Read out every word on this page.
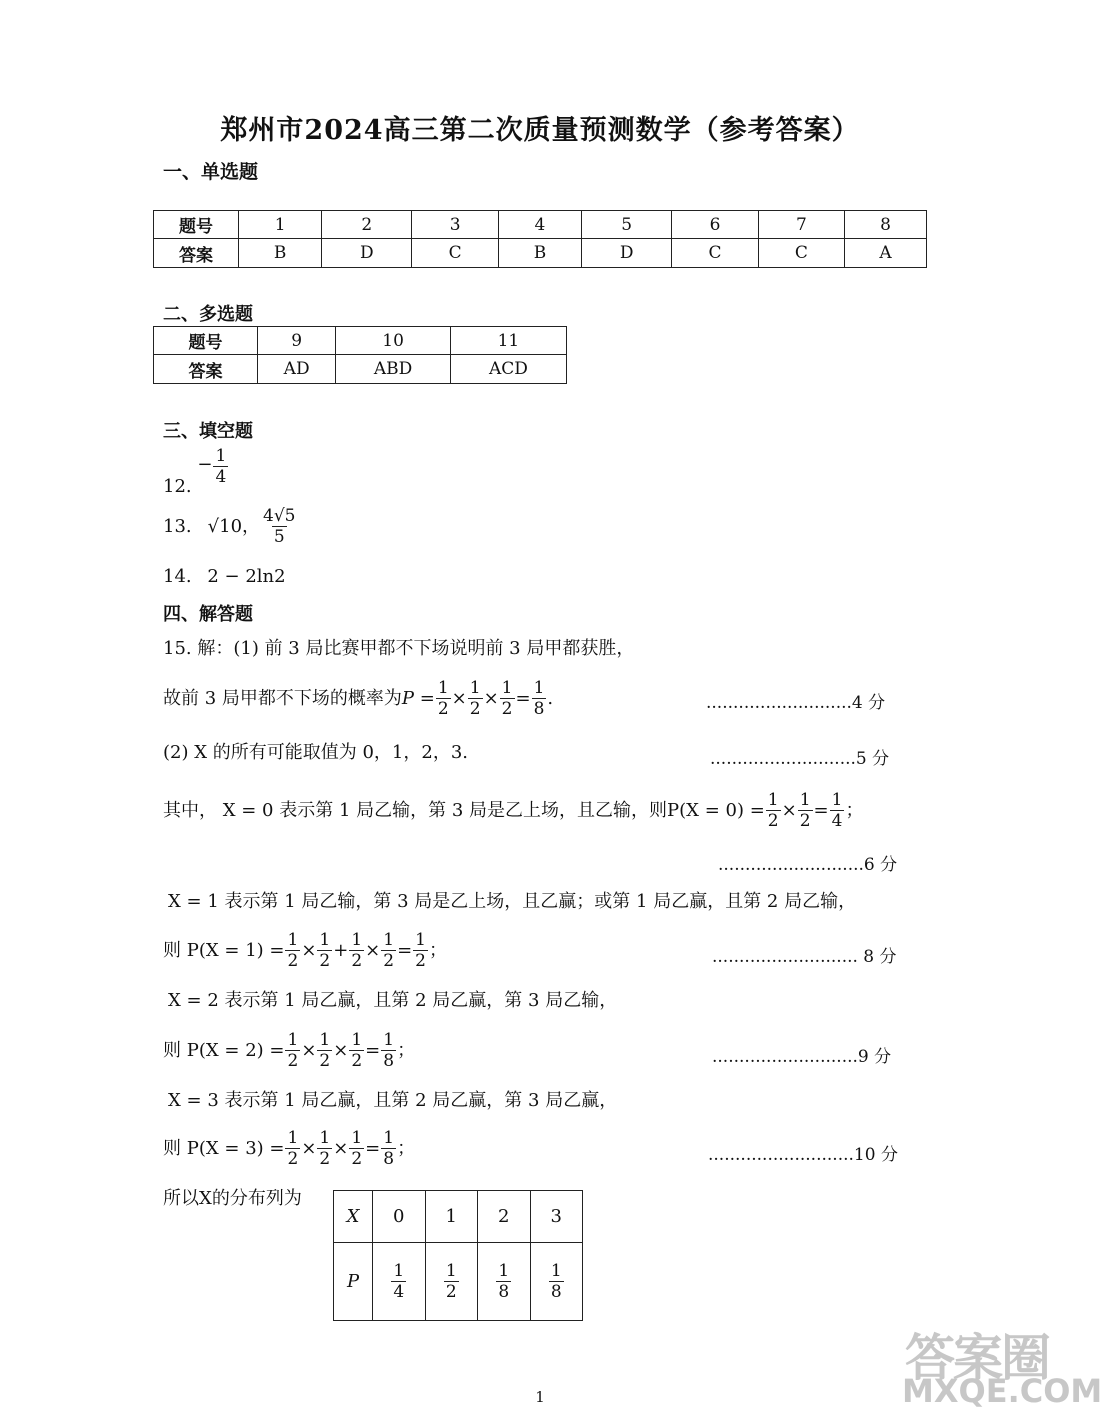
郑州市2024高三第二次质量预测数学（参考答案）
一、单选题
题号	1	2	3	4	5	6	7	8
答案	B	D	C	B	D	C	C	A
二、多选题
题号	9	10	11
答案	AD	ABD	ACD
三、填空题
12. − $\frac{1}{4}$
13. √10 ， $\frac{4√5}{5}$
14. 2 − 2ln2
四、解答题
15. 解：(1) 前 3 局比赛甲都不下场说明前 3 局甲都获胜，
故前 3 局甲都不下场的概率为 $P = \frac{1}{2} \times \frac{1}{2} \times \frac{1}{2} = \frac{1}{8}$ .	...........................4 分
(2) X 的所有可能取值为 0，1，2，3.	...........................5 分
其中， X = 0 表示第 1 局乙输，第 3 局是乙上场，且乙输，则 $P(X = 0) = \frac{1}{2} \times \frac{1}{2} = \frac{1}{4}$ ；
...........................6 分
X = 1 表示第 1 局乙输，第 3 局是乙上场，且乙赢；或第 1 局乙赢，且第 2 局乙输，
则 $P(X = 1) = \frac{1}{2} \times \frac{1}{2} + \frac{1}{2} \times \frac{1}{2} = \frac{1}{2}$ ；	........................... 8 分
X = 2 表示第 1 局乙赢，且第 2 局乙赢，第 3 局乙输，
则 $P(X = 2) = \frac{1}{2} \times \frac{1}{2} \times \frac{1}{2} = \frac{1}{8}$ ；	...........................9 分
X = 3 表示第 1 局乙赢，且第 2 局乙赢，第 3 局乙赢，
则 $P(X = 3) = \frac{1}{2} \times \frac{1}{2} \times \frac{1}{2} = \frac{1}{8}$ ；	...........................10 分
所以X的分布列为
X	0	1	2	3
P	$\frac{1}{4}$	$\frac{1}{2}$	$\frac{1}{8}$	$\frac{1}{8}$
1
答案圈
MXQE.COM
